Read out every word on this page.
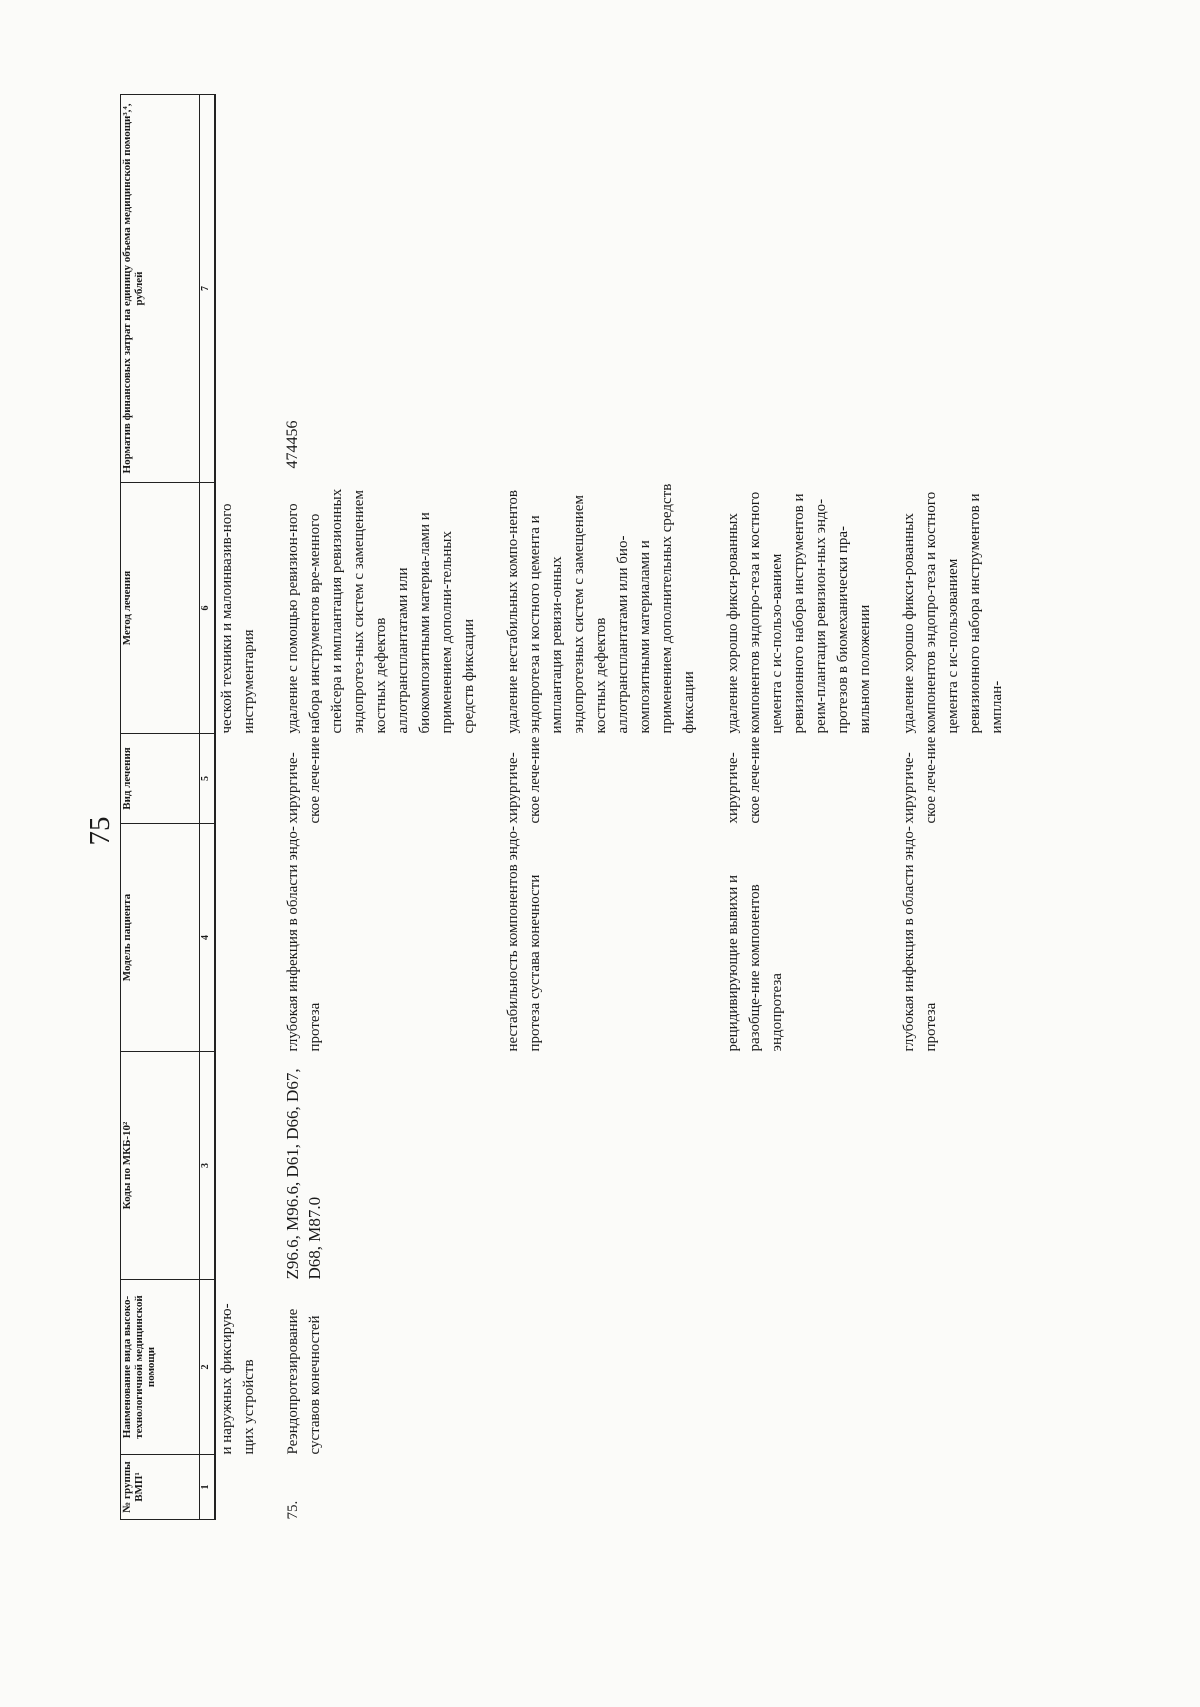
75
№ группы ВМП¹	Наименование вида высоко-технологичной медицинской помощи	Коды по МКБ-10²	Модель пациента	Вид лечения	Метод лечения	Норматив финансовых затрат на единицу объема медицинской помощи³,⁴, рублей
1	2	3	4	5	6	7
	и наружных фиксирую-щих устройств				ческой техники и малоинвазив-ного инструментария	

75.	Реэндопротезирование суставов конечностей	Z96.6, M96.6, D61, D66, D67, D68, M87.0	глубокая инфекция в области эндо-протеза	хирургиче-ское лече-ние	удаление с помощью ревизион-ного набора инструментов вре-менного спейсера и имплантация ревизионных эндопротез-ных систем с замещением костных дефектов аллотрансплантатами или биокомпозитными материа-лами и применением дополни-тельных средств фиксации	474456

			нестабильность компонентов эндо-протеза сустава конечности	хирургиче-ское лече-ние	удаление нестабильных компо-нентов эндопротеза и костного цемента и имплантация ревизи-онных эндопротезных систем с замещением костных дефектов аллотрансплантатами или био-композитными материалами и применением дополнительных средств фиксации	

			рецидивирующие вывихи и разобще-ние компонентов эндопротеза	хирургиче-ское лече-ние	удаление хорошо фикси-рованных компонентов эндопро-теза и костного цемента с ис-пользо-ванием ревизионного набора инструментов и реим-плантация ревизион-ных эндо-протезов в биомеханически пра-вильном положении	

			глубокая инфекция в области эндо-протеза	хирургиче-ское лече-ние	удаление хорошо фикси-рованных компонентов эндопро-теза и костного цемента с ис-пользованием ревизионного набора инструментов и имплан-	
